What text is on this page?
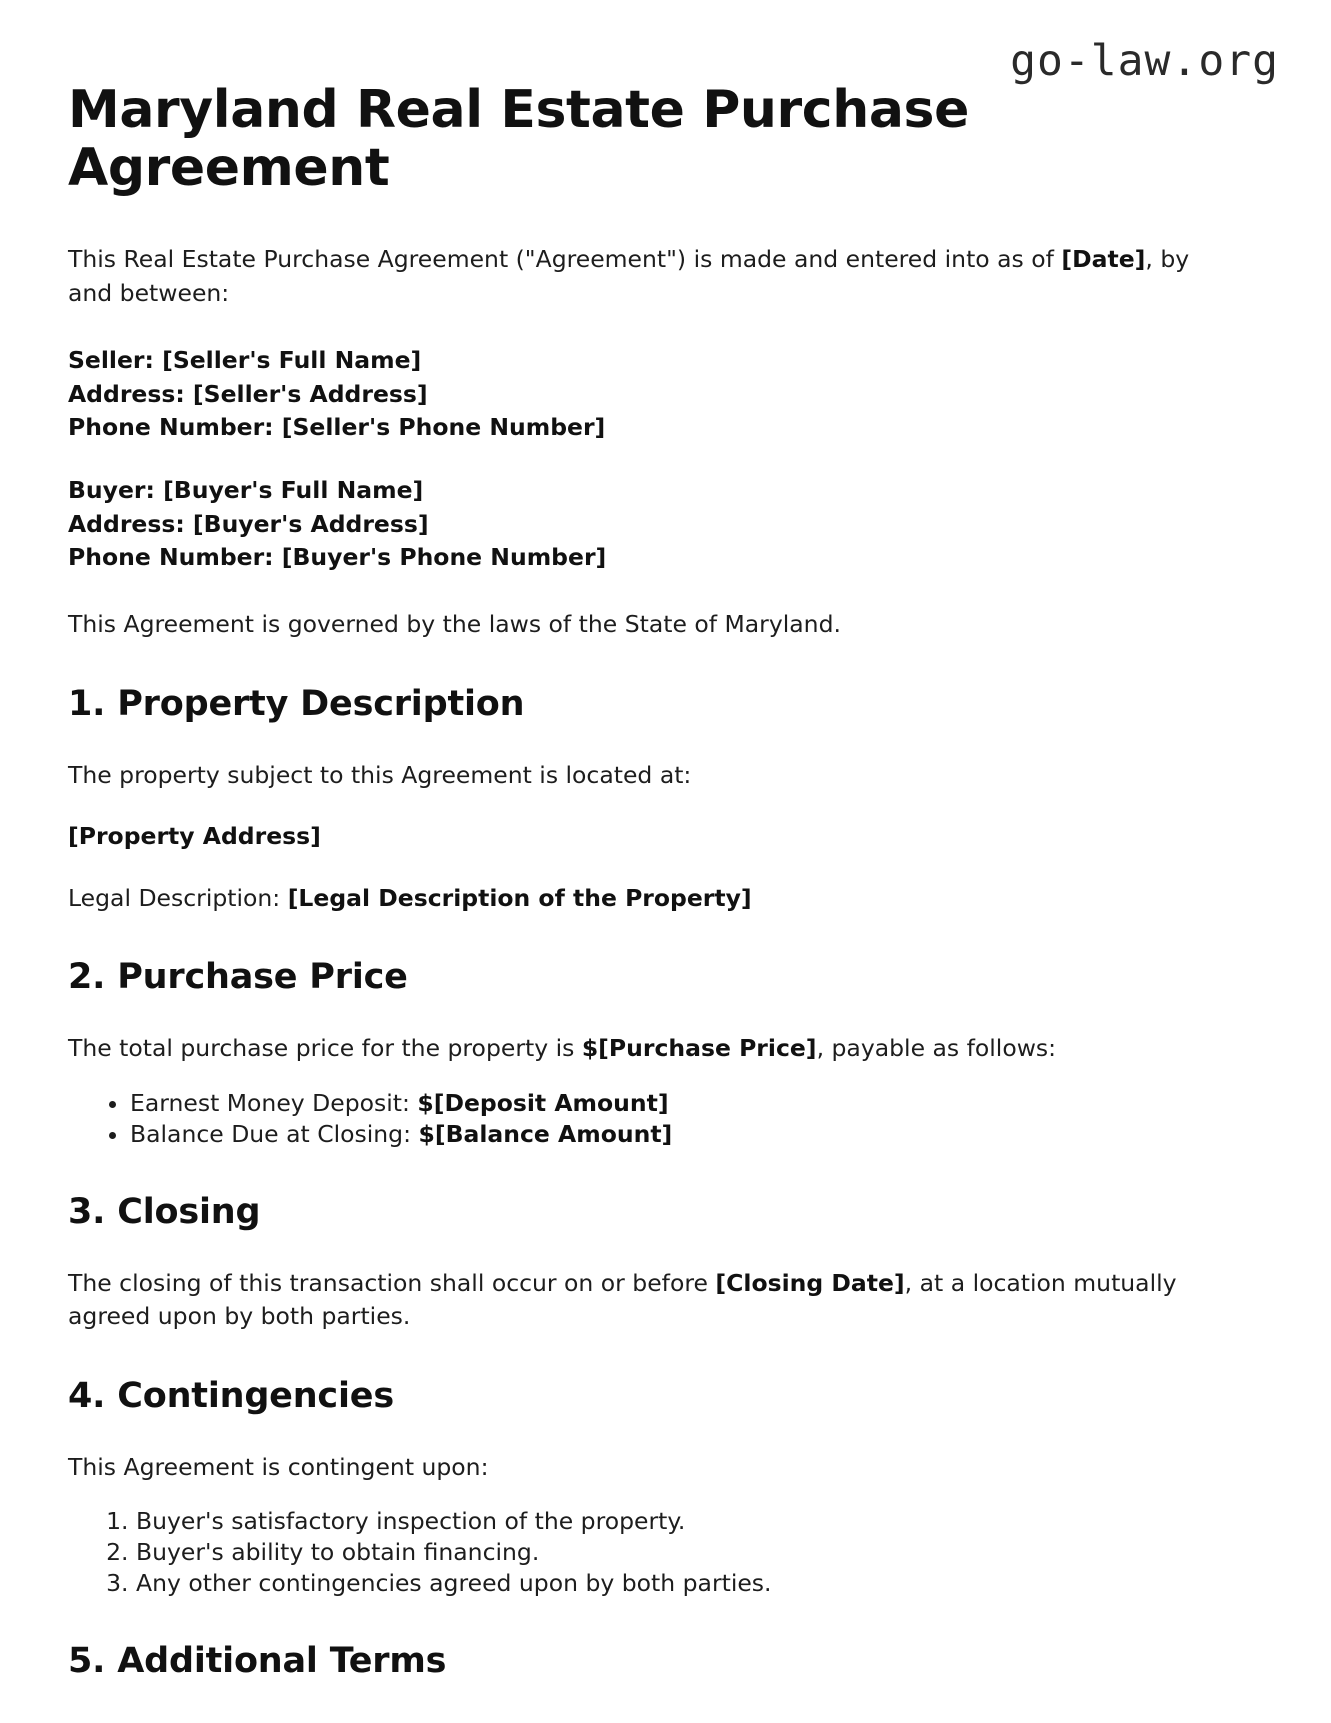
go-law.org
Maryland Real Estate Purchase Agreement

This Real Estate Purchase Agreement ("Agreement") is made and entered into as of [Date], by and between:

Seller: [Seller's Full Name]

Address: [Seller's Address]

Phone Number: [Seller's Phone Number]

Buyer: [Buyer's Full Name]

Address: [Buyer's Address]

Phone Number: [Buyer's Phone Number]

This Agreement is governed by the laws of the State of Maryland.

1. Property Description

The property subject to this Agreement is located at:

[Property Address]

Legal Description: [Legal Description of the Property]

2. Purchase Price

The total purchase price for the property is $[Purchase Price], payable as follows:

• Earnest Money Deposit: $[Deposit Amount]
• Balance Due at Closing: $[Balance Amount]
3. Closing

The closing of this transaction shall occur on or before [Closing Date], at a location mutually agreed upon by both parties.

4. Contingencies

This Agreement is contingent upon:

1. Buyer's satisfactory inspection of the property.
2. Buyer's ability to obtain financing.
3. Any other contingencies agreed upon by both parties.
5. Additional Terms
